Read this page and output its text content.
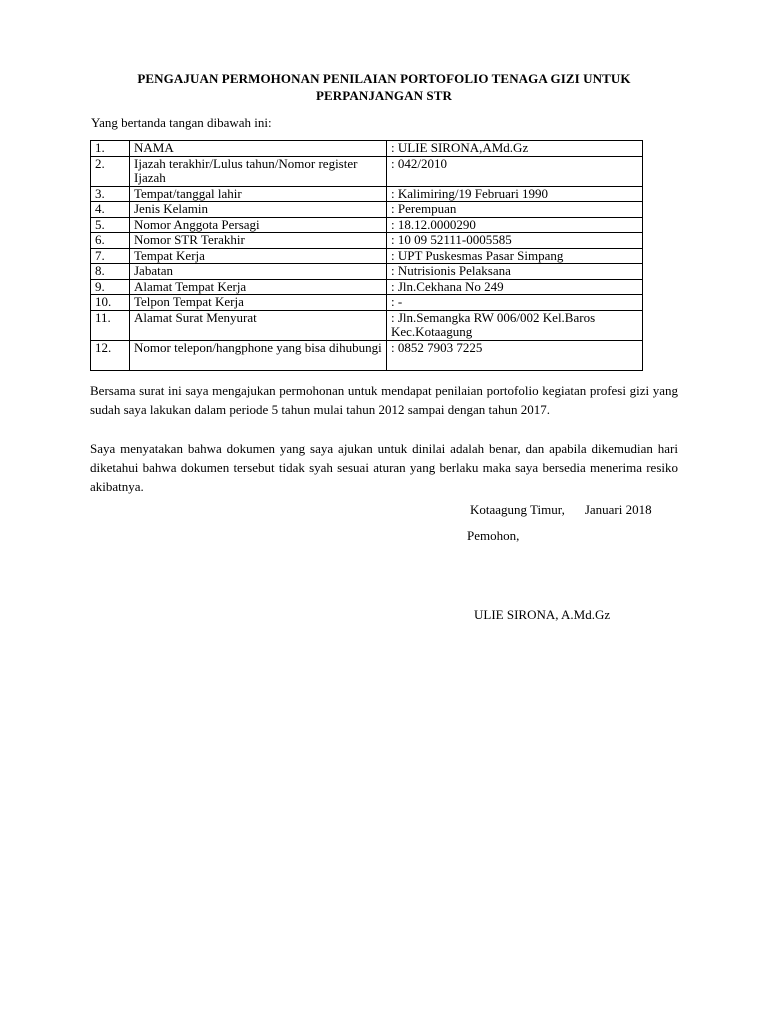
PENGAJUAN PERMOHONAN PENILAIAN PORTOFOLIO TENAGA GIZI UNTUK
PERPANJANGAN STR
Yang bertanda tangan dibawah ini:
1.	NAMA	: ULIE SIRONA,AMd.Gz
2.	Ijazah terakhir/Lulus tahun/Nomor register Ijazah	: 042/2010
3.	Tempat/tanggal lahir	: Kalimiring/19 Februari 1990
4.	Jenis Kelamin	: Perempuan
5.	Nomor Anggota Persagi	: 18.12.0000290
6.	Nomor STR Terakhir	: 10 09 52111-0005585
7.	Tempat Kerja	: UPT Puskesmas Pasar Simpang
8.	Jabatan	: Nutrisionis Pelaksana
9.	Alamat Tempat Kerja	: Jln.Cekhana No 249
10.	Telpon Tempat Kerja	: -
11.	Alamat Surat Menyurat	: Jln.Semangka RW 006/002 Kel.Baros Kec.Kotaagung
12.	Nomor telepon/hangphone yang bisa dihubungi	: 0852 7903 7225
Bersama surat ini saya mengajukan permohonan untuk mendapat penilaian portofolio kegiatan profesi gizi yang sudah saya lakukan dalam periode 5 tahun mulai tahun 2012 sampai dengan tahun 2017.
Saya menyatakan bahwa dokumen yang saya ajukan untuk dinilai adalah benar, dan apabila dikemudian hari diketahui bahwa dokumen tersebut tidak syah sesuai aturan yang berlaku maka saya bersedia menerima resiko akibatnya.
Kotaagung Timur, Januari 2018
Pemohon,
ULIE SIRONA, A.Md.Gz
